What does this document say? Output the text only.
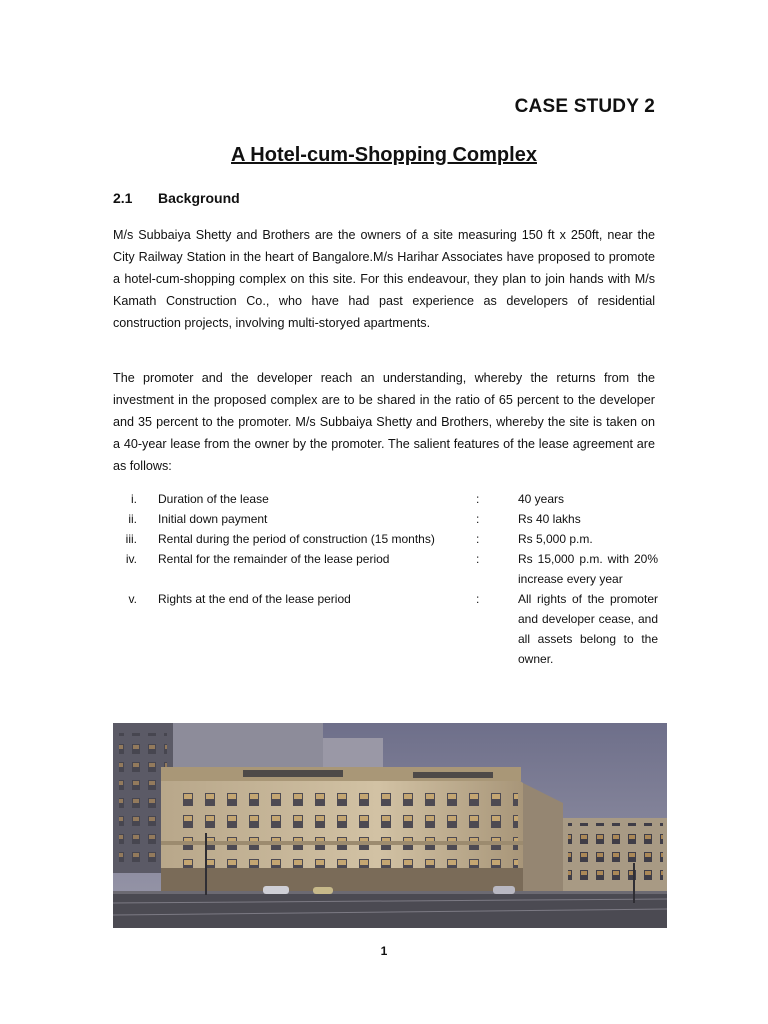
CASE STUDY 2
A Hotel-cum-Shopping Complex
2.1 Background

M/s Subbaiya Shetty and Brothers are the owners of a site measuring 150 ft x 250ft, near the City Railway Station in the heart of Bangalore.M/s Harihar Associates have proposed to promote a hotel-cum-shopping complex on this site. For this endeavour, they plan to join hands with M/s Kamath Construction Co., who have had past experience as developers of residential construction projects, involving multi-storyed apartments.

The promoter and the developer reach an understanding, whereby the returns from the investment in the proposed complex are to be shared in the ratio of 65 percent to the developer and 35 percent to the promoter. M/s Subbaiya Shetty and Brothers, whereby the site is taken on a 40-year lease from the owner by the promoter. The salient features of the lease agreement are as follows:

i.	Duration of the lease	:	40 years
ii.	Initial down payment	:	Rs 40 lakhs
iii.	Rental during the period of construction (15 months)	:	Rs 5,000 p.m.
iv.	Rental for the remainder of the lease period	:	Rs 15,000 p.m. with 20% increase every year
v.	Rights at the end of the lease period	:	All rights of the promoter and developer cease, and all assets belong to the owner.
1
